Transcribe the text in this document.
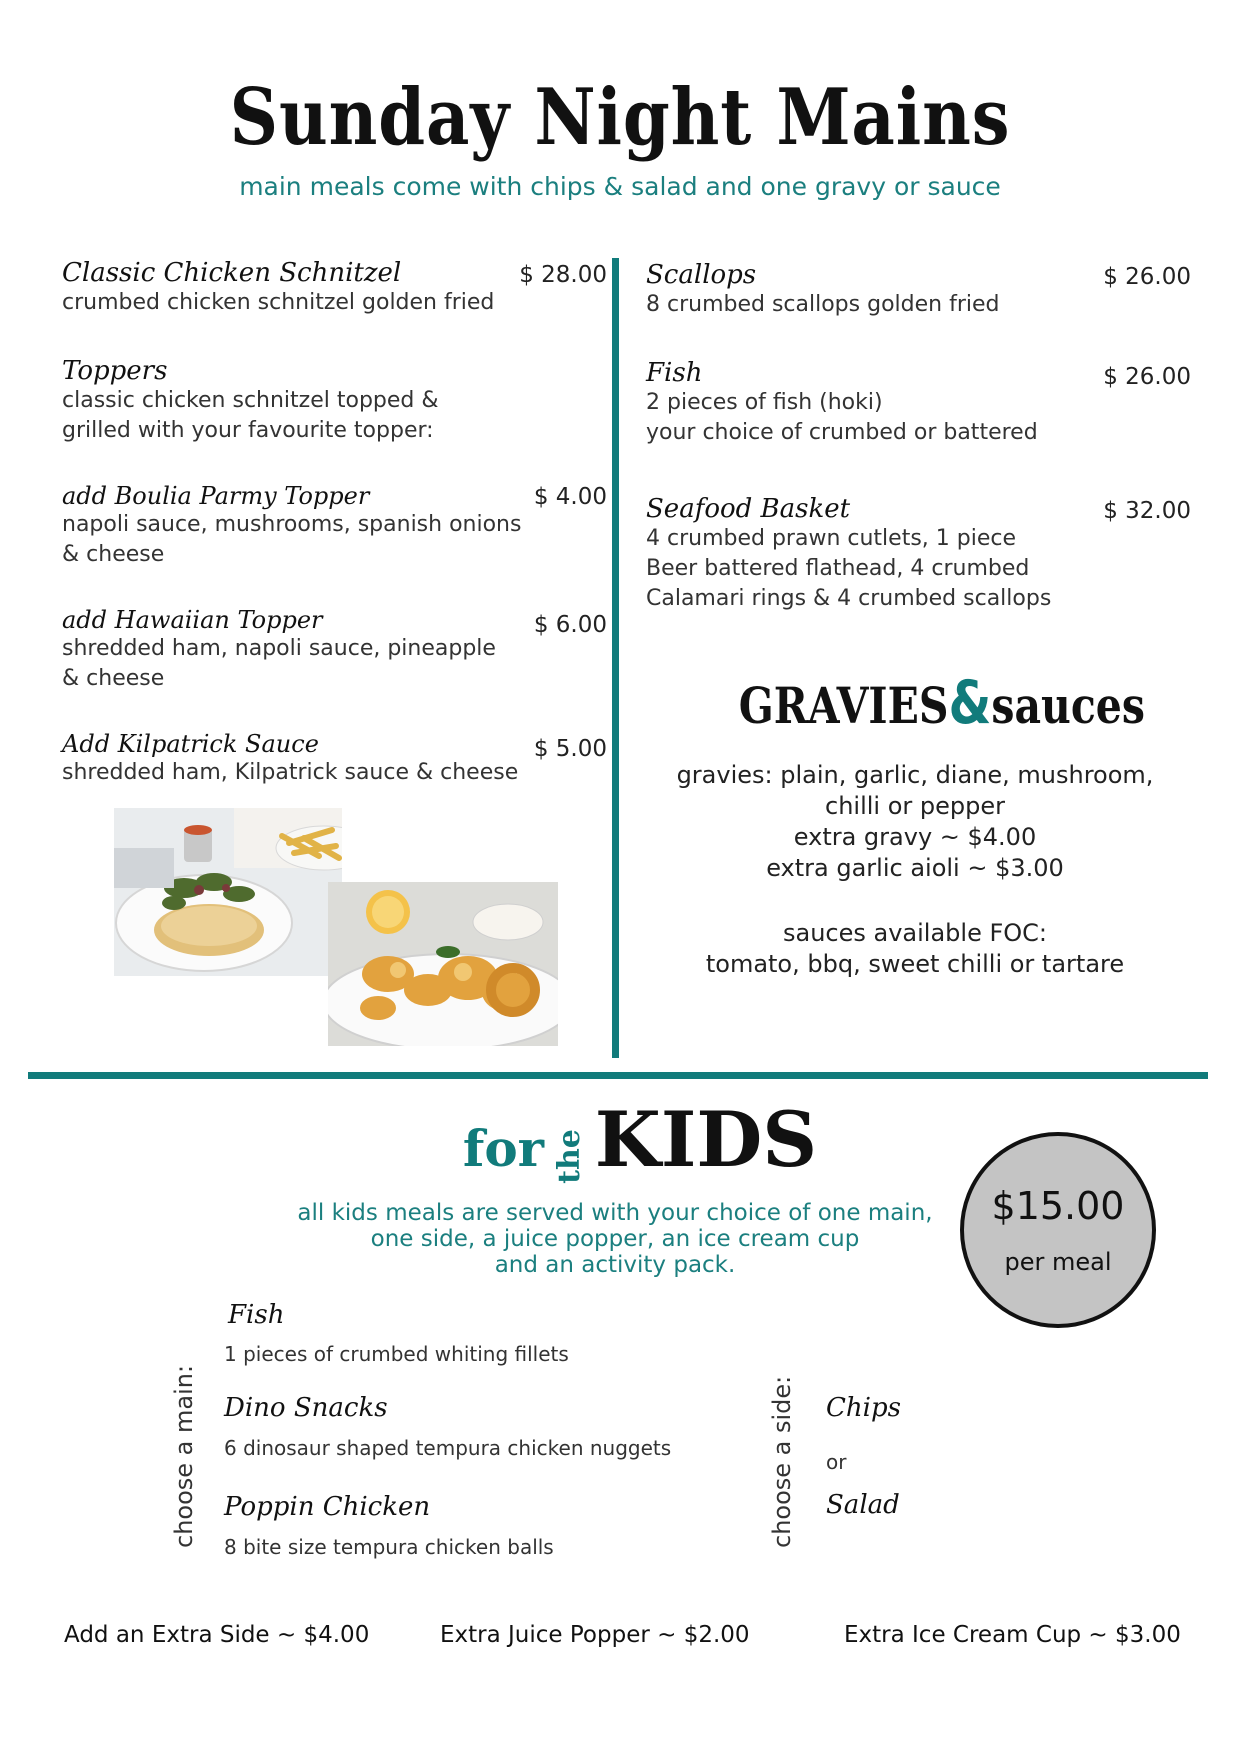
Sunday Night Mains
main meals come with chips & salad and one gravy or sauce
Classic Chicken Schnitzel	$ 28.00
crumbed chicken schnitzel golden fried
Toppers
classic chicken schnitzel topped &
grilled with your favourite topper:
add Boulia Parmy Topper	$ 4.00
napoli sauce, mushrooms, spanish onions
& cheese
add Hawaiian Topper	$ 6.00
shredded ham, napoli sauce, pineapple
& cheese
Add Kilpatrick Sauce	$ 5.00
shredded ham, Kilpatrick sauce & cheese
Scallops	$ 26.00
8 crumbed scallops golden fried
Fish	$ 26.00
2 pieces of fish (hoki)
your choice of crumbed or battered
Seafood Basket	$ 32.00
4 crumbed prawn cutlets, 1 piece
Beer battered flathead, 4 crumbed
Calamari rings & 4 crumbed scallops
GRAVIES&sauces
gravies: plain, garlic, diane, mushroom,
chilli or pepper
extra gravy ~ $4.00
extra garlic aioli ~ $3.00
sauces available FOC:
tomato, bbq, sweet chilli or tartare
for the KIDS
all kids meals are served with your choice of one main,
one side, a juice popper, an ice cream cup
and an activity pack.
$15.00
per meal
choose a main:	choose a side:
Fish
1 pieces of crumbed whiting fillets
Dino Snacks
6 dinosaur shaped tempura chicken nuggets
Poppin Chicken
8 bite size tempura chicken balls
Chips
or
Salad
Add an Extra Side ~ $4.00	Extra Juice Popper ~ $2.00	Extra Ice Cream Cup ~ $3.00
